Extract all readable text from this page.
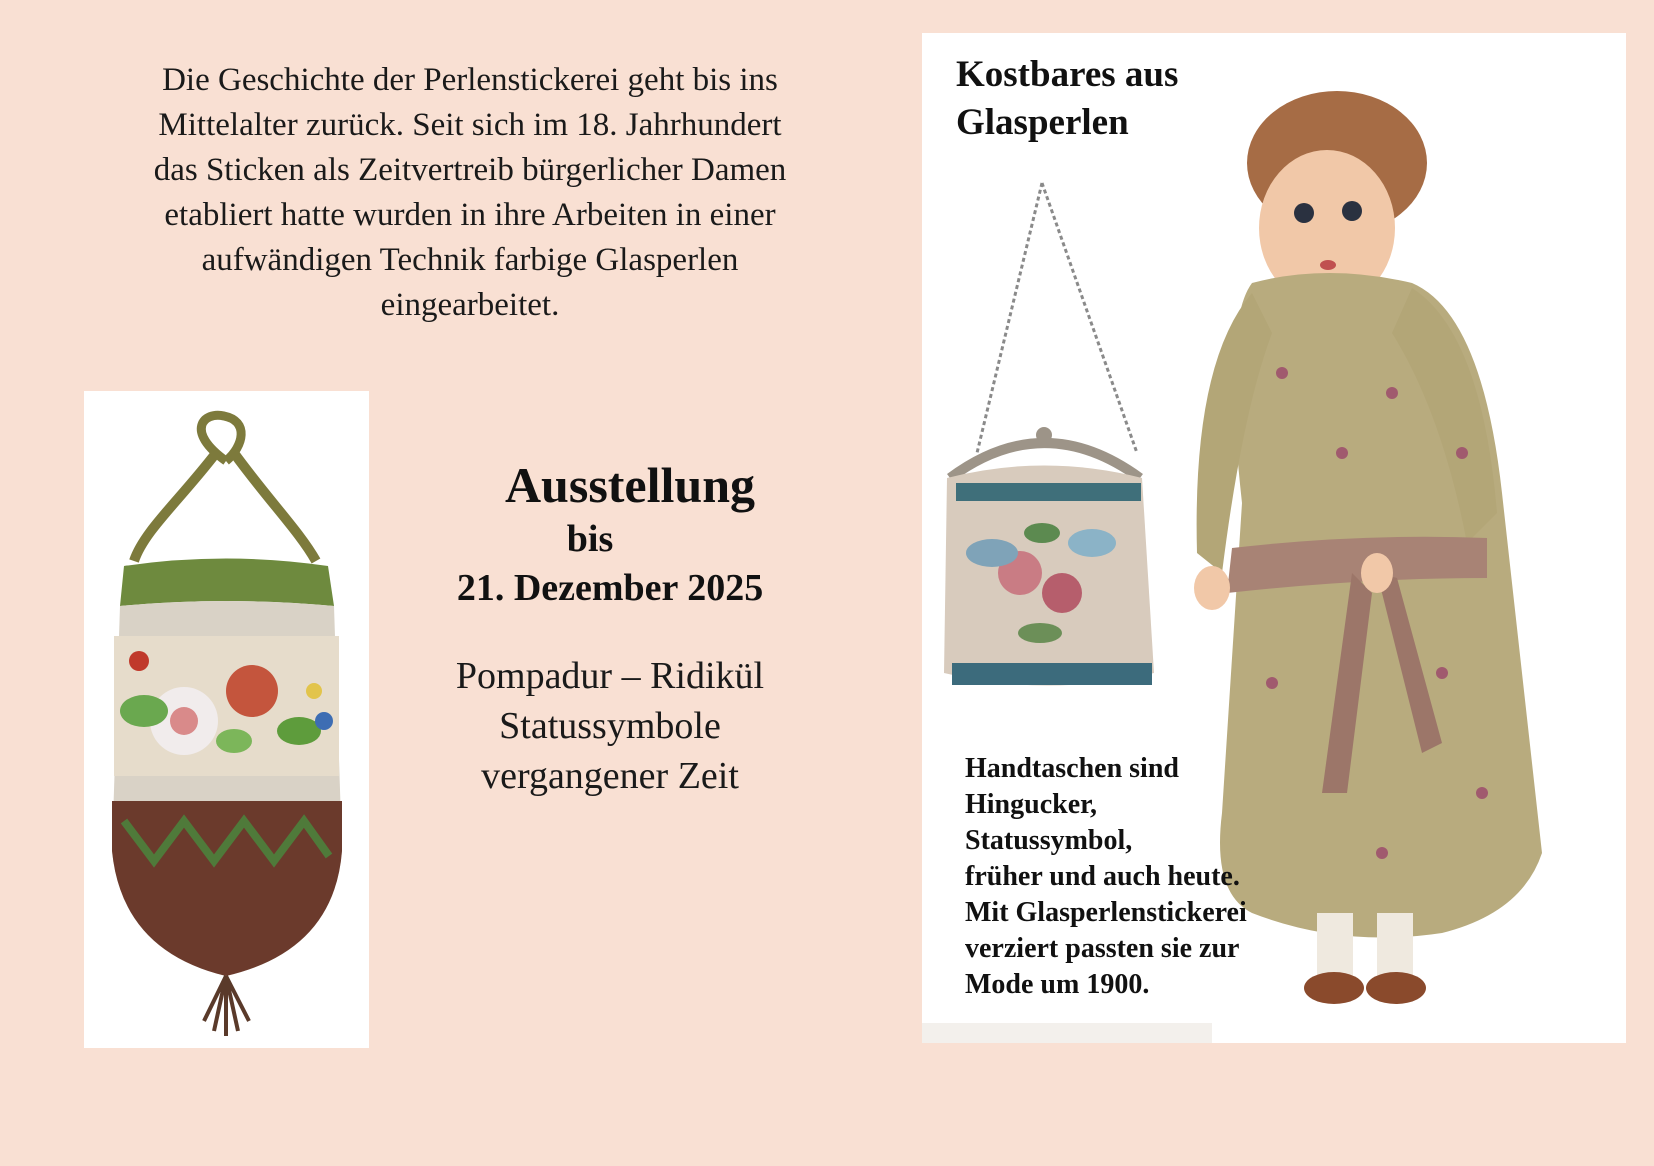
Die Geschichte der Perlenstickerei geht bis ins
Mittelalter zurück. Seit sich im 18. Jahrhundert
das Sticken als Zeitvertreib bürgerlicher Damen
etabliert hatte wurden in ihre Arbeiten in einer
aufwändigen Technik farbige Glasperlen
eingearbeitet.
Ausstellung
bis
21. Dezember 2025
Pompadur – Ridikül
Statussymbole
vergangener Zeit
Kostbares aus
Glasperlen
Handtaschen sind
Hingucker,
Statussymbol,
früher und auch heute.
Mit Glasperlenstickerei
verziert passten sie zur
Mode um 1900.
